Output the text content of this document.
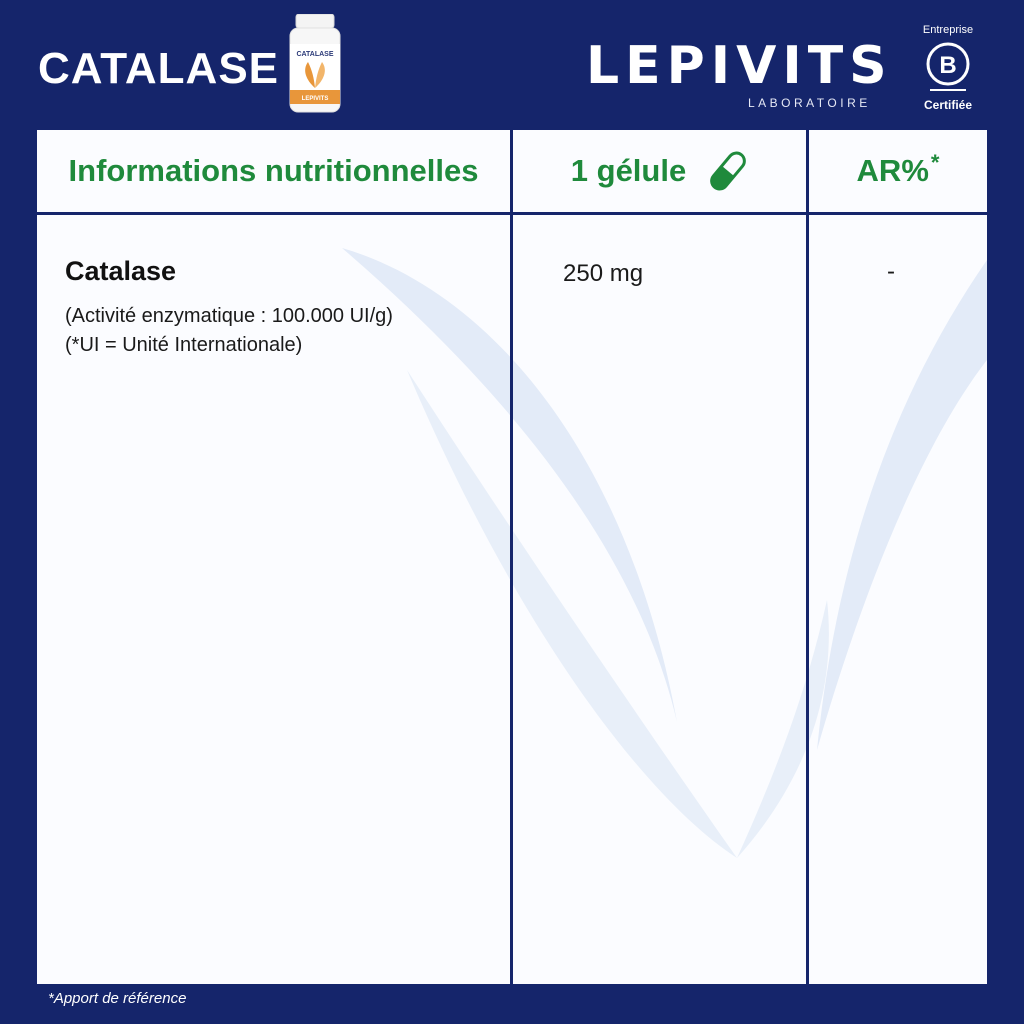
CATALASE CATALASE
LEPIVITS
LEPIVITS
LABORATOIRE
Entreprise
B
Certifiée
Informations nutritionnelles	1 gélule	AR% *
Catalase
(Activité enzymatique : 100.000 UI/g)
(*UI = Unité Internationale)
250 mg	-
*Apport de référence
